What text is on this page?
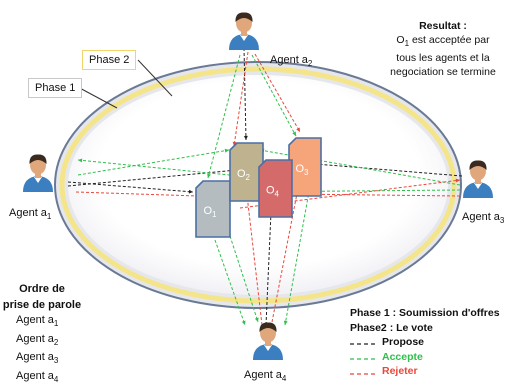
$O_1$
$O_2$
$O_3$
$O_4$
Phase 2
Phase 1
Resultat :
$O_1$ est acceptée par
tous les agents et la
negociation se termine
Agent $a_2$
Agent $a_1$	Agent $a_3$
Agent $a_4$
Ordre de
prise de parole
Agent $a_1$
Agent $a_2$
Agent $a_3$
Agent $a_4$
Phase 1 : Soumission d'offres
Phase2 : Le vote
Propose
Accepte
Rejeter
